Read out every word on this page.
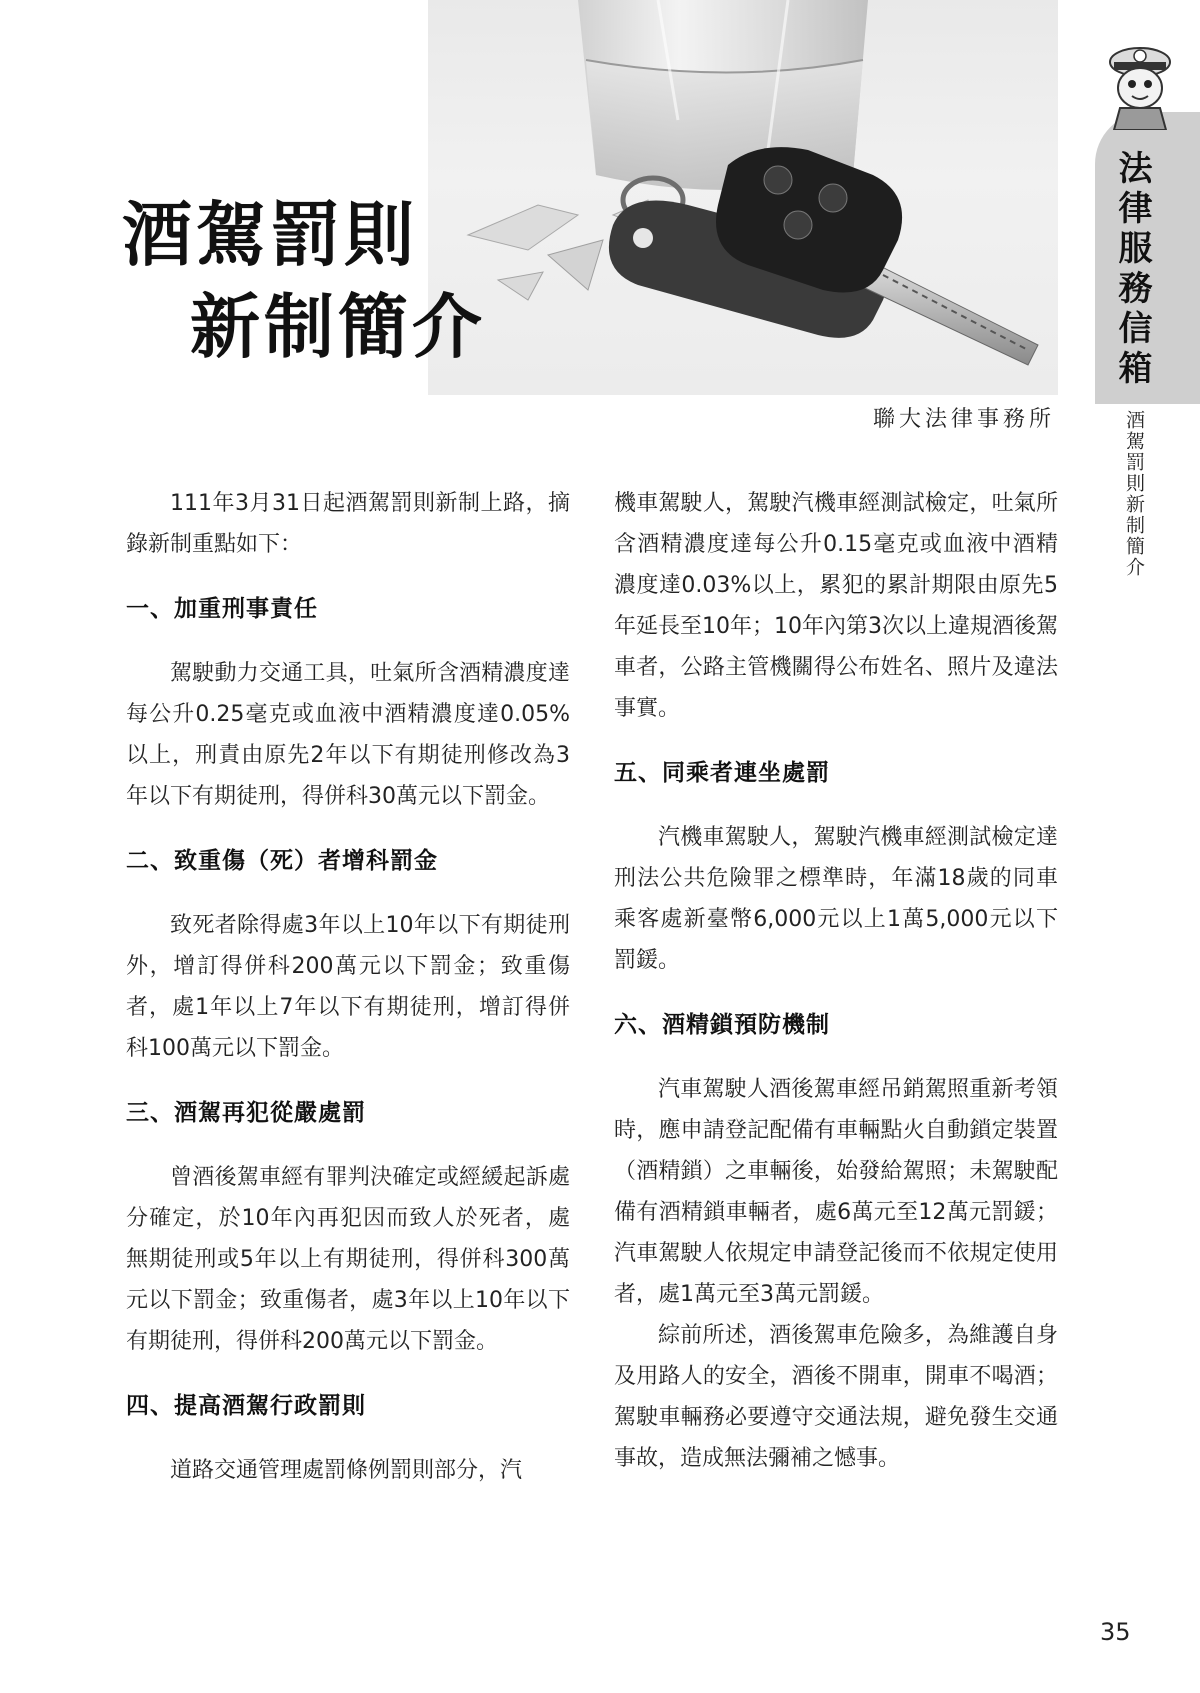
酒駕罰則
新制簡介
聯大法律事務所
法律服務信箱
酒駕罰則新制簡介

111年3月31日起酒駕罰則新制上路，摘錄新制重點如下：

一、加重刑事責任

駕駛動力交通工具，吐氣所含酒精濃度達每公升0.25毫克或血液中酒精濃度達0.05%以上，刑責由原先2年以下有期徒刑修改為3年以下有期徒刑，得併科30萬元以下罰金。

二、致重傷（死）者增科罰金

致死者除得處3年以上10年以下有期徒刑外，增訂得併科200萬元以下罰金；致重傷者，處1年以上7年以下有期徒刑，增訂得併科100萬元以下罰金。

三、酒駕再犯從嚴處罰

曾酒後駕車經有罪判決確定或經緩起訴處分確定，於10年內再犯因而致人於死者，處無期徒刑或5年以上有期徒刑，得併科300萬元以下罰金；致重傷者，處3年以上10年以下有期徒刑，得併科200萬元以下罰金。

四、提高酒駕行政罰則

道路交通管理處罰條例罰則部分，汽

機車駕駛人，駕駛汽機車經測試檢定，吐氣所含酒精濃度達每公升0.15毫克或血液中酒精濃度達0.03%以上，累犯的累計期限由原先5年延長至10年；10年內第3次以上違規酒後駕車者，公路主管機關得公布姓名、照片及違法事實。

五、同乘者連坐處罰

汽機車駕駛人，駕駛汽機車經測試檢定達刑法公共危險罪之標準時，年滿18歲的同車乘客處新臺幣6,000元以上1萬5,000元以下罰鍰。

六、酒精鎖預防機制

汽車駕駛人酒後駕車經吊銷駕照重新考領時，應申請登記配備有車輛點火自動鎖定裝置（酒精鎖）之車輛後，始發給駕照；未駕駛配備有酒精鎖車輛者，處6萬元至12萬元罰鍰；汽車駕駛人依規定申請登記後而不依規定使用者，處1萬元至3萬元罰鍰。

綜前所述，酒後駕車危險多，為維護自身及用路人的安全，酒後不開車，開車不喝酒；駕駛車輛務必要遵守交通法規，避免發生交通事故，造成無法彌補之憾事。

35
